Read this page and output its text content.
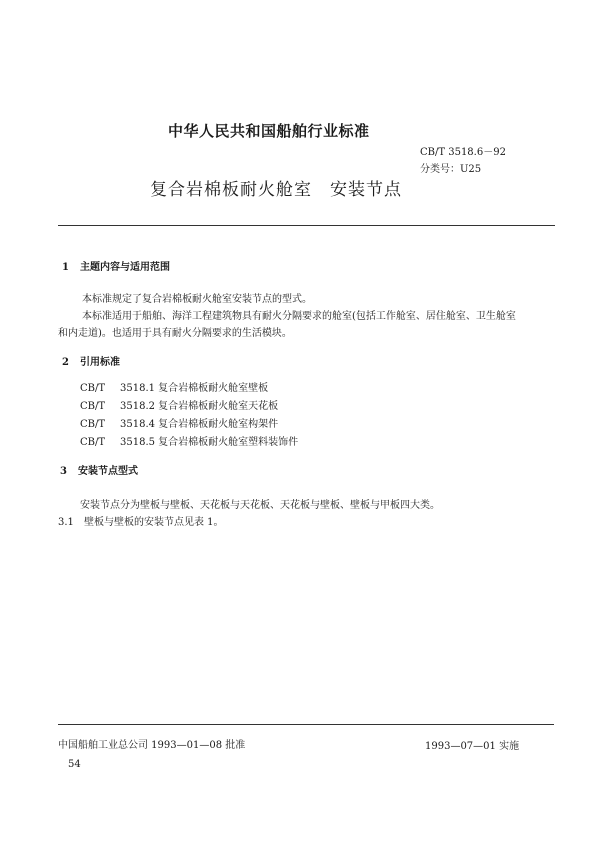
中华人民共和国船舶行业标准
CB/T 3518.6－92
分类号：U25
复合岩棉板耐火舱室　安装节点
1 主题内容与适用范围
本标准规定了复合岩棉板耐火舱室安装节点的型式。
本标准适用于船舶、海洋工程建筑物具有耐火分隔要求的舱室(包括工作舱室、居住舱室、卫生舱室
和内走道)。也适用于具有耐火分隔要求的生活模块。
2 引用标准
CB/T 3518.1 复合岩棉板耐火舱室壁板
CB/T 3518.2 复合岩棉板耐火舱室天花板
CB/T 3518.4 复合岩棉板耐火舱室构架件
CB/T 3518.5 复合岩棉板耐火舱室塑料装饰件
3 安装节点型式
安装节点分为壁板与壁板、天花板与天花板、天花板与壁板、壁板与甲板四大类。
3.1 壁板与壁板的安装节点见表 1。
中国船舶工业总公司 1993—01—08 批准	1993—07—01 实施
54
